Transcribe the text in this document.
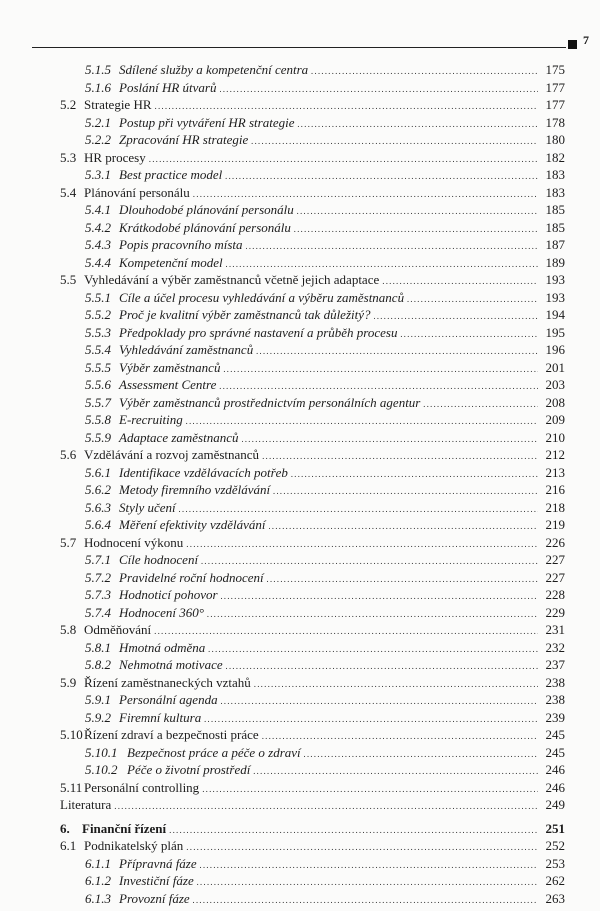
7
5.1.5 Sdílené služby a kompetenční centra .....	175
5.1.6 Poslání HR útvarů .....	177
5.2 Strategie HR .....	177
5.2.1 Postup při vytváření HR strategie .....	178
5.2.2 Zpracování HR strategie .....	180
5.3 HR procesy .....	182
5.3.1 Best practice model .....	183
5.4 Plánování personálu .....	183
5.4.1 Dlouhodobé plánování personálu .....	185
5.4.2 Krátkodobé plánování personálu .....	185
5.4.3 Popis pracovního místa .....	187
5.4.4 Kompetenční model .....	189
5.5 Vyhledávání a výběr zaměstnanců včetně jejich adaptace .....	193
5.5.1 Cíle a účel procesu vyhledávání a výběru zaměstnanců .....	193
5.5.2 Proč je kvalitní výběr zaměstnanců tak důležitý? .....	194
5.5.3 Předpoklady pro správné nastavení a průběh procesu .....	195
5.5.4 Vyhledávání zaměstnanců .....	196
5.5.5 Výběr zaměstnanců .....	201
5.5.6 Assessment Centre .....	203
5.5.7 Výběr zaměstnanců prostřednictvím personálních agentur .....	208
5.5.8 E-recruiting .....	209
5.5.9 Adaptace zaměstnanců .....	210
5.6 Vzdělávání a rozvoj zaměstnanců .....	212
5.6.1 Identifikace vzdělávacích potřeb .....	213
5.6.2 Metody firemního vzdělávání .....	216
5.6.3 Styly učení .....	218
5.6.4 Měření efektivity vzdělávání .....	219
5.7 Hodnocení výkonu .....	226
5.7.1 Cíle hodnocení .....	227
5.7.2 Pravidelné roční hodnocení .....	227
5.7.3 Hodnoticí pohovor .....	228
5.7.4 Hodnocení 360° .....	229
5.8 Odměňování .....	231
5.8.1 Hmotná odměna .....	232
5.8.2 Nehmotná motivace .....	237
5.9 Řízení zaměstnaneckých vztahů .....	238
5.9.1 Personální agenda .....	238
5.9.2 Firemní kultura .....	239
5.10Řízení zdraví a bezpečnosti práce .....	245
5.10.1 Bezpečnost práce a péče o zdraví .....	245
5.10.2 Péče o životní prostředí .....	246
5.11 Personální controlling .....	246
Literatura .....	249
6. Finanční řízení .....	251
6.1 Podnikatelský plán .....	252
6.1.1 Přípravná fáze .....	253
6.1.2 Investiční fáze .....	262
6.1.3 Provozní fáze .....	263
